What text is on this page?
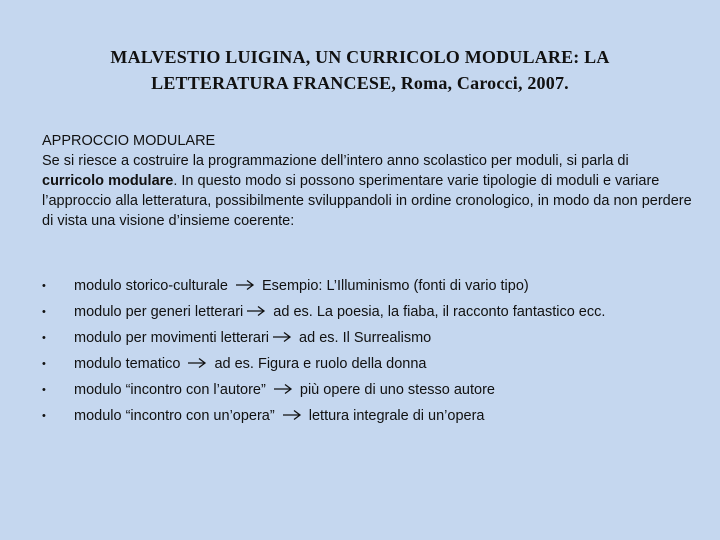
MALVESTIO LUIGINA, UN CURRICOLO MODULARE: LA
LETTERATURA FRANCESE, Roma, Carocci, 2007.

APPROCCIO MODULARE

Se si riesce a costruire la programmazione dell’intero anno scolastico per moduli, si parla di curricolo modulare. In questo modo si possono sperimentare varie tipologie di moduli e variare l’approccio alla letteratura, possibilmente sviluppandoli in ordine cronologico, in modo da non perdere di vista una visione d’insieme coerente:

•	modulo storico-culturale
Esempio: L’Illuminismo (fonti di vario tipo)
•	modulo per generi letterari
ad es. La poesia, la fiaba, il racconto fantastico ecc.
•	modulo per movimenti letterari
ad es. Il Surrealismo
•	modulo tematico
ad es. Figura e ruolo della donna
•	modulo “incontro con l’autore”
più opere di uno stesso autore
•	modulo “incontro con un’opera”
lettura integrale di un’opera
